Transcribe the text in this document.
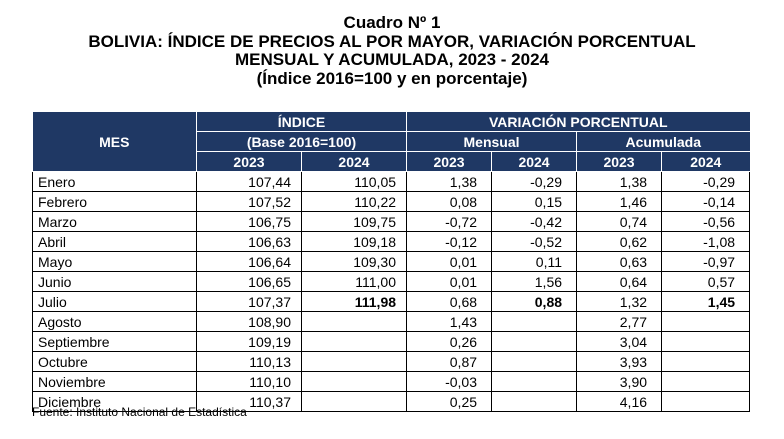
Cuadro Nº 1
BOLIVIA: ÍNDICE DE PRECIOS AL POR MAYOR, VARIACIÓN PORCENTUAL
MENSUAL Y ACUMULADA, 2023 - 2024
(Índice 2016=100 y en porcentaje)
MES	ÍNDICE		VARIACIÓN PORCENTUAL			
	(Base 2016=100)		Mensual		Acumulada	
	2023	2024	2023	2024	2023	2024
Enero	107,44	110,05	1,38	-0,29	1,38	-0,29
Febrero	107,52	110,22	0,08	0,15	1,46	-0,14
Marzo	106,75	109,75	-0,72	-0,42	0,74	-0,56
Abril	106,63	109,18	-0,12	-0,52	0,62	-1,08
Mayo	106,64	109,30	0,01	0,11	0,63	-0,97
Junio	106,65	111,00	0,01	1,56	0,64	0,57
Julio	107,37	111,98	0,68	0,88	1,32	1,45
Agosto	108,90		1,43		2,77	
Septiembre	109,19		0,26		3,04	
Octubre	110,13		0,87		3,93	
Noviembre	110,10		-0,03		3,90	
Diciembre	110,37		0,25		4,16	
Fuente: Instituto Nacional de Estadística
